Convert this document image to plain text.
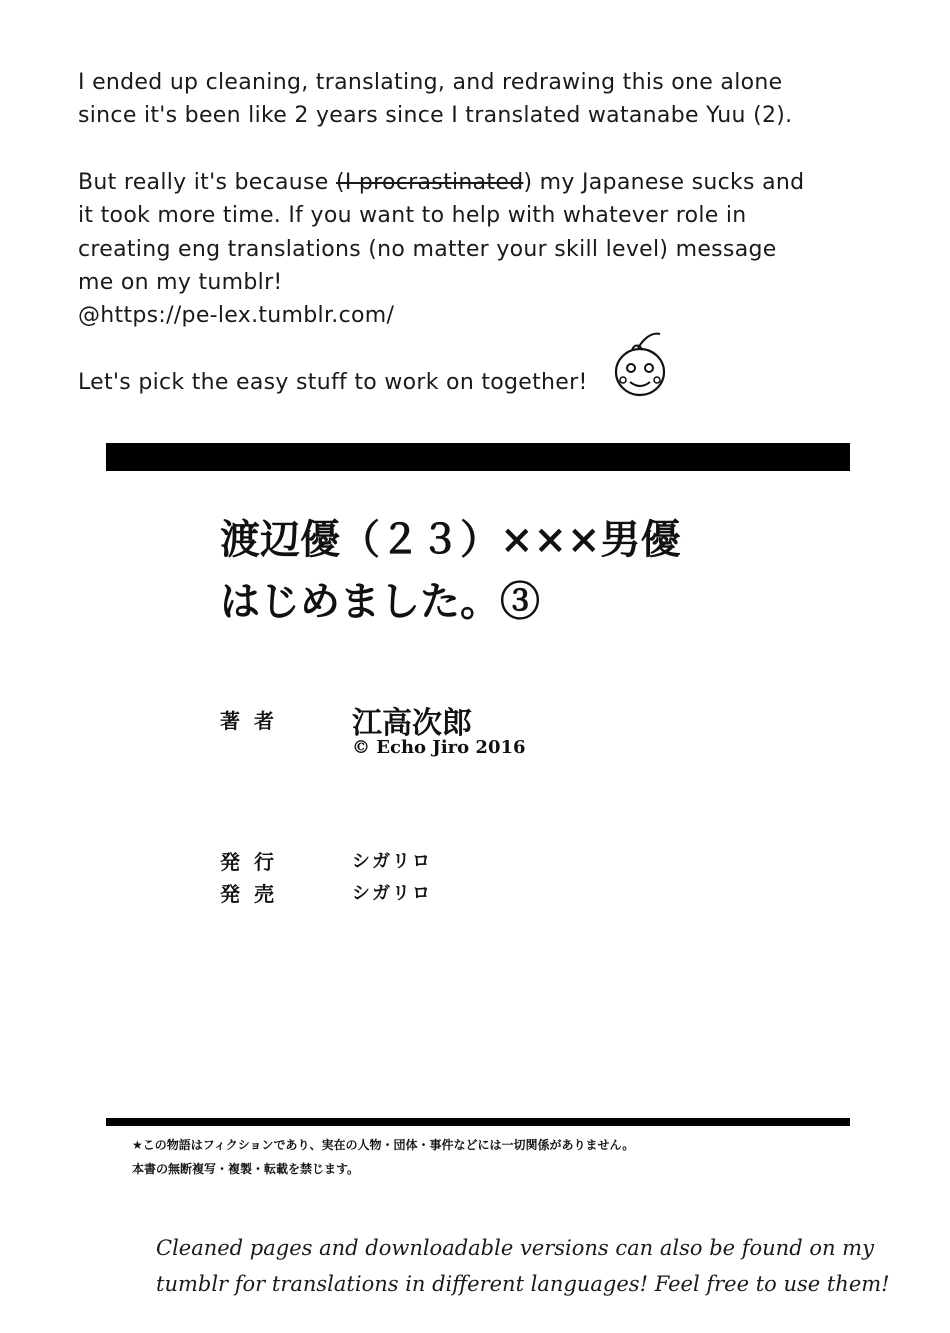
I ended up cleaning, translating, and redrawing this one alone
since it's been like 2 years since I translated watanabe Yuu (2).
But really it's because (I procrastinated) my Japanese sucks and
it took more time. If you want to help with whatever role in
creating eng translations (no matter your skill level) message
me on my tumblr!
@https://pe-lex.tumblr.com/
Let's pick the easy stuff to work on together!
渡辺優（２３）×××男優
はじめました。③
著者 江高次郎
© Echo Jiro 2016
発行	シガリロ
発売	シガリロ
★この物語はフィクションであり、実在の人物・団体・事件などには一切関係がありません。
本書の無断複写・複製・転載を禁じます。
Cleaned pages and downloadable versions can also be found on my
tumblr for translations in different languages! Feel free to use them!
